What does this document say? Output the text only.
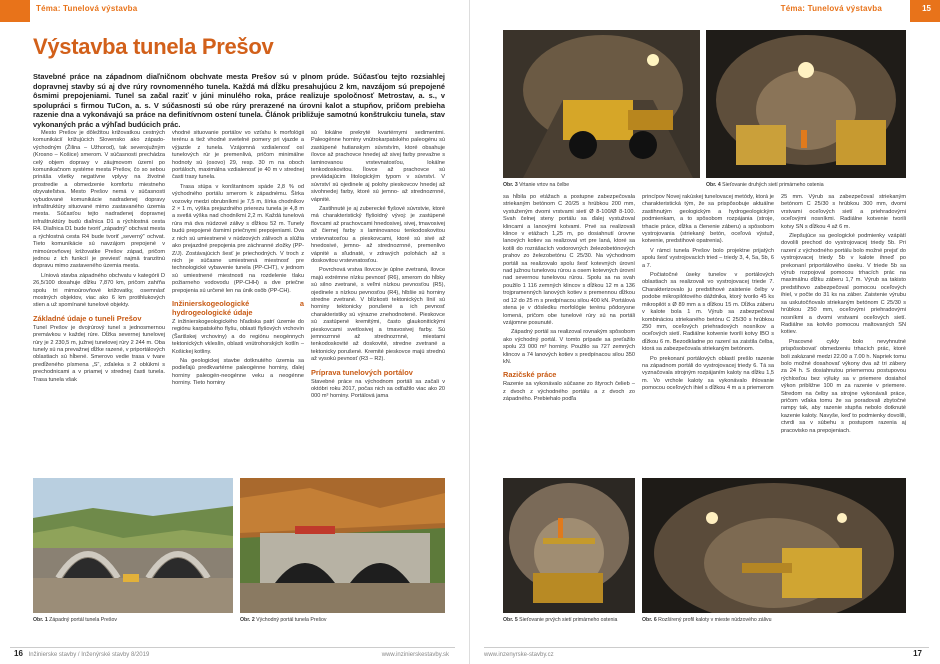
Téma: Tunelová výstavba
Výstavba tunela Prešov
Stavebné práce na západnom diaľničnom obchvate mesta Prešov sú v plnom prúde. Súčasťou tejto rozsiahlej dopravnej stavby sú aj dve rúry rovnomenného tunela. Každá má dĺžku presahujúcu 2 km, navzájom sú prepojené ôsmimi prepojeniami. Tunel sa začal raziť v júni minulého roka, práce realizuje spoločnosť Metrostav, a. s., v spolupráci s firmou TuCon, a. s. V súčasnosti sú obe rúry prerazené na úrovni kalot a stupňov, pričom prebieha razenie dna a vykonávajú sa práce na definitívnom ostení tunela. Článok približuje samotnú konštrukciu tunela, stav vykonaných prác a výhľad budúcich prác.

Mesto Prešov je dôležitou križovatkou cestných komunikácií križujúcich Slovensko ako západo-východným (Žilina – Užhorod), tak severojužným (Krosno – Košice) smerom. V súčasnosti prechádza celý objem dopravy v záujmovom území po komunikačnom systéme mesta Prešov, čo so sebou prináša všetky negatívne vplyvy na životné prostredie a obmedzenie komfortu miestneho obyvateľstva. Mesto Prešov nemá v súčasnosti vybudované komunikácie nadradenej dopravy infraštruktúry situované mimo zastavaného územia mesta. Súčasťou tejto nadradenej dopravnej infraštruktúry budú diaľnica D1 a rýchlostná cesta R4. Diaľnica D1 bude tvoriť „západný“ obchvat mesta a rýchlostná cesta R4 bude tvoriť „severný“ ochvat. Tieto komunikácie sú navzájom prepojené v mimoúrovňovej križovatke Prešov západ, pričom jednou z ich funkcií je previesť najmä tranzitnú dopravu mimo zastaveného územia mesta.

Líniová stavba západného obchvatu v kategórii D 26,5/100 dosahuje dĺžku 7,870 km, pričom zahŕňa spolu tri mimoúrovňové križovatky, osemnásť mostných objektov, viac ako 6 km protihlukových stien a už spomínané tunelové objekty.

Základné údaje o tuneli Prešov

Tunel Prešov je dvojrúrový tunel s jednosmernou premávkou v každej rúre. Dĺžka severnej tunelovej rúry je 2 230,5 m, južnej tunelovej rúry 2 244 m. Oba tunely sú na prevažnej dĺžke razené, v priportálových oblastiach sú hĺbené. Smerovo vedie trasa v tvare predĺženého písmena „S“, zďaleka s 2 oblúkmi s prechodnicami a v priamej v strednej časti tunela. Trasa tunela však

vhodné situovanie portálov vo vzťahu k morfológii terénu a tiež vhodné svetelné pomery pri vjazde a výjazde z tunela. Vzájomná vzdialenosť osí tunelových rúr je premenlivá, pričom minimálne hodnoty sú (osovo) 29, resp. 30 m na oboch portáloch, maximálna vzdialenosť je 40 m v strednej časti trasy tunela.

Trasa stúpa v konštantnom spáde 2,8 % od východného portálu smerom k západnému. Šírka vozovky medzi obrubníkmi je 7,5 m, šírka chodníkov 2 × 1 m, výška prejazdného prierezu tunela je 4,8 m a svetlá výška nad chodníkmi 2,2 m. Každá tunelová rúra má dva núdzové zálivy s dĺžkou 52 m. Tunely budú prepojené ôsmimi priečnymi prepojeniami. Dva z nich sú umiestnené v núdzových zálivoch a slúžia ako prejazdné prepojenia pre záchranné zložky (PP-Z/J). Zostávajúcich šesť je priechodných. V troch z nich je súčasne umiestnená miestnosť pre technologické vybavenie tunela (PP-CHT), v jednom sú umiestnené miestnosti na rozdelenie tlaku požiarneho vodovodu (PP-CHH) a dve priečne prepojenia sú určené len na únik osôb (PP-CH).

Inžinierskogeologické a hydrogeologické údaje

Z inžinierskogeologického hľadiska patrí územie do regiónu karpatského flyšu, oblasti flyšových vrchovín (Šarišskej vrchoviny) a do regiónu neogénnych tektonických vkleslín, oblasti vnútrohorských kotlín – Košickej kotliny.

Na geologickej stavbe dotknutého územia sa podieľajú predkvartérne paleogénne horniny, ďalej horniny paleogén-neogénne veku a neogénne horniny. Tieto horniny

sú lokálne prekryté kvartérnymi sedimentmi. Paleogénne horniny vnútrokarpatského paleogénu sú zastúpené hutianskym súvrstvím, ktoré obsahuje ílovce až prachovce hnedej až sivej farby prevažne s laminovanou vrstevnatosťou, lokálne tenkodoskovitou. Ílovce až prachovce sú prevládajúcim litologickým typom v súvrství. V súvrství sú ojedinele aj polohy pieskovcov hnedej až sivohnedej farby, ktoré sú jemno- až strednozrnné, vápnité.

Zastihnuté je aj zuberecké flyšové súvrstvie, ktoré má charakteristický flyšoidný vývoj: je zastúpené flovcami až prachovcami hnedosivej, sivej, tmavosivej až čiernej farby s laminovanou tenkodoskovitou vrstevnatosťou a pieskovcami, ktoré sú sivé až hnedosivé, jemno- až strednozrnné, premenlivo vápnité a sľudnaté, v zdravých polohách až s doskovitou vrstevnatosťou.

Povrchová vrstva ílovcov je úplne zvetraná, ílovce majú extrémne nízku pevnosť (R6), smerom do hĺbky sú silno zvetrané, s veľmi nízkou pevnosťou (R5), ojedinele s nízkou pevnosťou (R4), hlbšie sú horniny stredne zvetrané. V blízkosti tektonických línií sú horniny tektonicky porušené a ich pevnosť charakteristiky sú výrazne znehodnotené. Pieskovce sú zastúpené kremitými, často glaukonitickými pieskovcami svetlosivej a tmavosivej farby. Sú jemnozrnné až strednozrnné, miestami tenkodoskovité až doskovité, stredne zvetrané a tektonicky porušené. Kremité pieskovce majú strednú až vysokú pevnosť (R3 – R2).

Príprava tunelových portálov

Stavebné práce na východnom portáli sa začali v októbri roku 2017, počas nich sa odťažilo viac ako 20 000 m³ horniny. Portálová jama

Obr. 1 Západný portál tunela Prešov	Obr. 2 Východný portál tunela Prešov
16 Inžinierske stavby / Inženýrské stavby 8/2019	www.inzinierskestavby.sk
Téma: Tunelová výstavba	15
Obr. 3 Vrtanie vrtov na čelbe	Obr. 4 Sieťovanie druhých sietí primárneho ostenia

sa hĺbila po etážach a postupne zabezpečovala striekaným betónom C 20/25 s hrúbkou 200 mm, vystuženým dvomi vrstvami sietí Ø 8-100/Ø 8-100. Svah čelnej steny portálu sa ďalej vystužoval klincami a lanovými kotvami. Prvé sa realizovali klince v etážach 1,25 m, po dosiahnutí úrovne lanových kotiev sa realizoval vrt pre laná, ktoré sa kotili do rozrášacích vodorovných železobetónových prahov zo železobetónu C 25/30. Na východnom portáli sa realizovalo spolu šesť kotevných úrovní nad južnou tunelovou rúrou a osem kotevných úrovní nad severnou tunelovou rúrou. Spolu sa na svah použilo 1 116 zemných klincov s dĺžkou 12 m a 136 trojpramenných lanových kotiev s premennou dĺžkou od 12 do 25 m s predpínacou silou 400 kN. Portálová stena je v dôsledku morfológie terénu pôdorysne lomená, pričom obe tunelové rúry sú na portáli vzájomne posunuté.

Západný portál sa realizoval rovnakým spôsobom ako východný portál. V tomto prípade sa preťažilo spolu 23 000 m³ horniny. Použilo sa 727 zemných klincov a 74 lanových kotiev s predpínacou silou 350 kN.

Razičské práce

Razenie sa vykonávalo súčasne zo štyroch čelieb – z dvoch z východného portálu a z dvoch zo západného. Prebiehalo podľa

princípov Novej rakúskej tunelovacej metódy, ktorá je charakteristická tým, že sa prispôsobuje aktuálne zastihnutým geologickým a hydrogeologickým podmienkam, a to spôsobom rozpájania (stroje, trhacie práce, dĺžka a členenie záberu) a spôsobom vystrojovania (striekaný betón, oceľová výstuž, kotvenie, predstihové opatrenia).

V rámci tunela Prešov bolo projektne prijatých spolu šesť vystrojovacích tried – triedy 3, 4, 5a, 5b, 6 a 7.

Počiatočné úseky tunelov v portálových oblastiach sa realizovali vo vystrojovacej triede 7. Charakterizovalo ju predstihové zaistenie čelby v podobe mikropilótového dáždnika, ktorý tvorilo 45 ks mikropilót s Ø 89 mm a s dĺžkou 15 m. Dĺžka záberu v kalote bola 1 m. Výrub sa zabezpečoval kombináciou striekaného betónu C 25/30 s hrúbkou 250 mm, oceľových priehradových nosníkov a oceľových sietí. Radiálne kotvenie tvorili kotvy IBO s dĺžkou 6 m. Bezodkladne po razení sa zaistila čelba, ktorá sa zabezpečovala striekaným betónom.

Po prekonaní portálových oblastí prešlo razenie na západnom portáli do vystrojovacej triedy 6. Tá sa vyznačovala strojným rozpájaním kaloty na dĺžku 1,5 m. Vo vrchole kaloty sa vykonávalo ihlovanie pomocou oceľových ihiel s dĺžkou 4 m a s priemerom

25 mm. Výrub sa zabezpečoval striekaným betónom C 25/30 s hrúbkou 300 mm, dvomi vrstvami oceľových sietí a priehradovými oceľovými nosníkmi. Radiálne kotvenie tvorili kotvy SN s dĺžkou 4 až 6 m.

Zlepšujúce sa geologické podmienky vzápätí dovolili prechod do vystrojovacej triedy 5b. Pri razení z východného portálu bolo možné prejsť do vystrojovacej triedy 5b v kalote ihneď po prekonaní priportálového úseku. V triede 5b sa výrub rozpojoval pomocou trhacích prác na maximálnu dĺžku záberu 1,7 m. Výrub sa takisto predstihovo zabezpečoval pomocou oceľových ihiel, v počte do 31 ks na záber. Zaistenie výrubu sa uskutočňovalo striekaným betónom C 25/30 s hrúbkou 250 mm, oceľovými priehradovými nosníkmi a dvomi vrstvami oceľových sietí. Radiálne sa kotvilo pomocou maltovaných SN kotiev.

Pracovné cykly bolo nevyhnutné prispôsobovať obmedzeniu trhacích prác, ktoré boli zakázané medzi 22.00 a 7.00 h. Napriek tomu bolo možné dosahovať výkony dva až tri zábery za 24 h. S dosiahnutou priemernou postupovou rýchlosťou bez výluky sa v priemere dosiahol výkon približne 100 m za razenie v priemere. Stredom na čelby sa strojne vykonávali práce, pričom vďaka tomu že sa poradovali zbytočné rampy tak, aby razenie stupňa nebolo dotknuté kazenie kaloty. Navyše, keď to podmienky dovolili, ctvrdi sa v súbehu s postupom razenia aj pracovisko na prepojeniach.

Obr. 5 Sieťovanie prvých sietí primárneho ostenia	Obr. 6 Rozšírený profil kaloty v mieste núdzového zálivu
www.inzenyrske-stavby.cz	17
